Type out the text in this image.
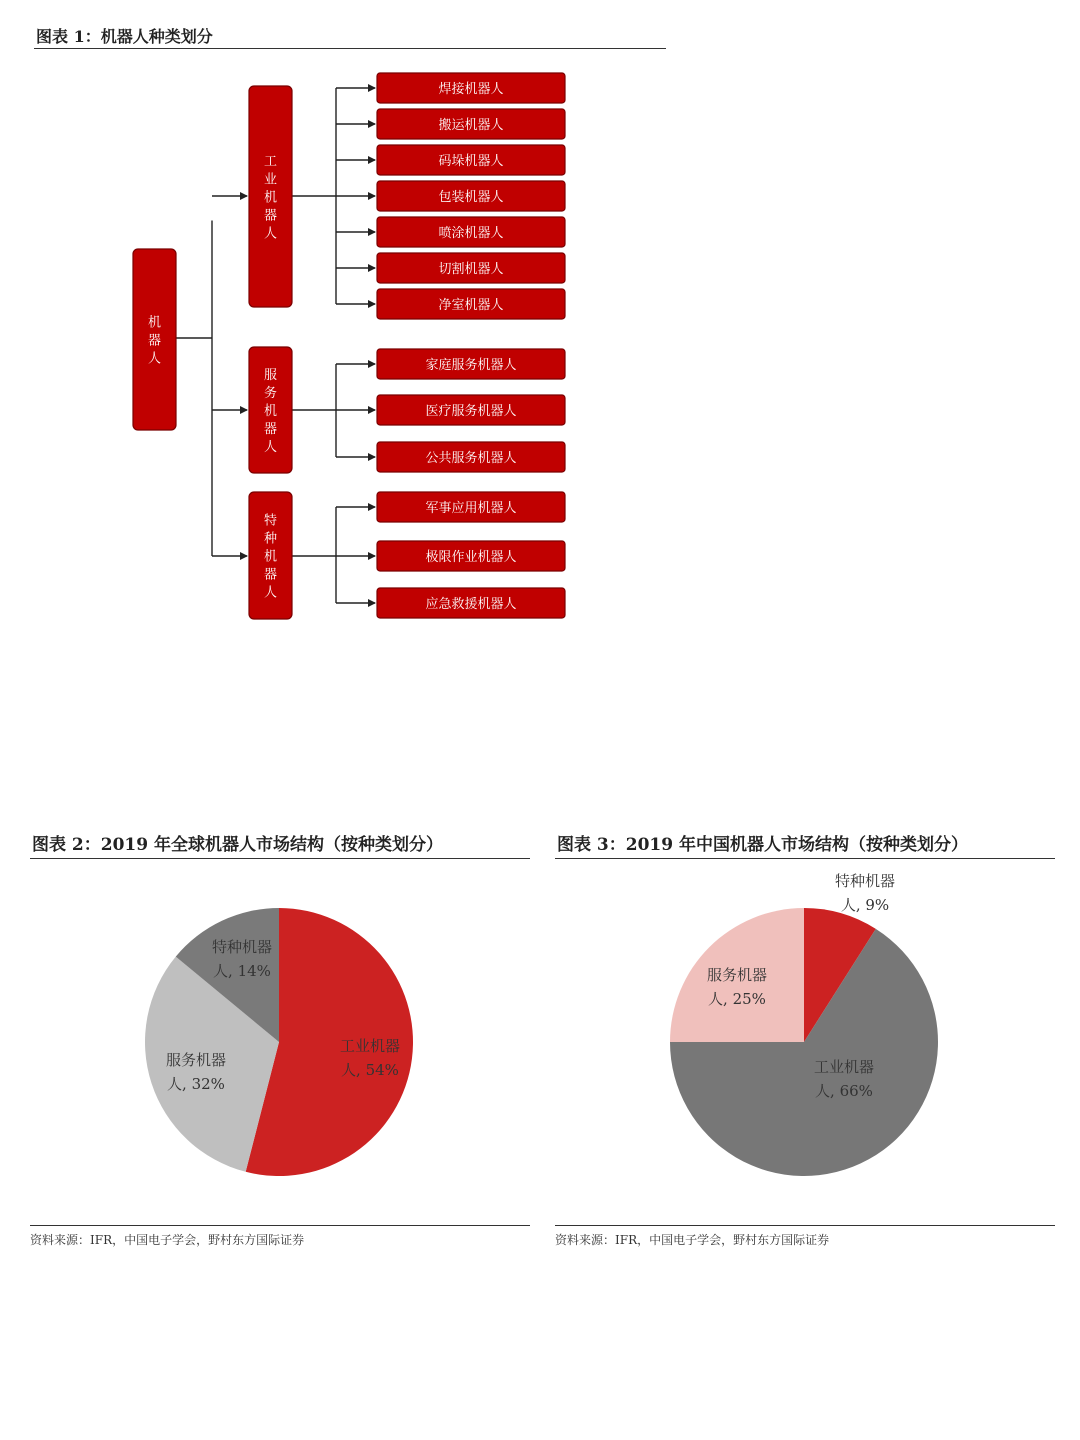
图表 1：机器人种类划分
机
器
人
工
业
机
器
人
焊接机器人
搬运机器人
码垛机器人
包装机器人
喷涂机器人
切割机器人
净室机器人
服
务
机
器
人
家庭服务机器人
医疗服务机器人
公共服务机器人
特
种
机
器
人
军事应用机器人
极限作业机器人
应急救援机器人
图表 2：2019 年全球机器人市场结构（按种类划分）
工业机器
人, 54%
服务机器
人, 32%
特种机器
人, 14%
资料来源：IFR，中国电子学会，野村东方国际证券
图表 3：2019 年中国机器人市场结构（按种类划分）
特种机器
人, 9%
工业机器
人, 66%
服务机器
人, 25%
资料来源：IFR，中国电子学会，野村东方国际证券
